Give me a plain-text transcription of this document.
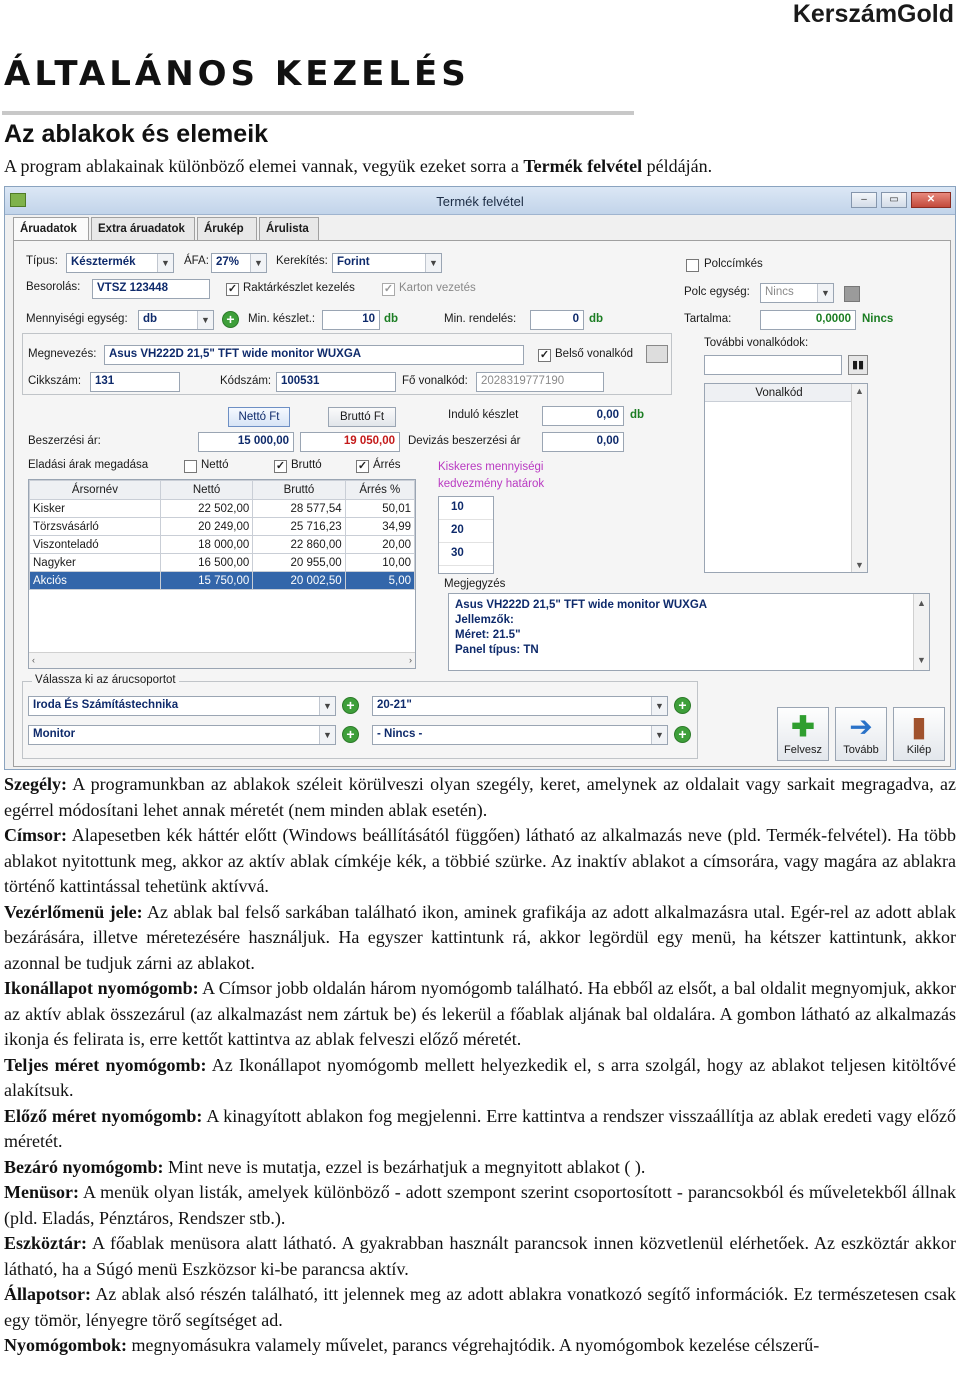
KerszámGold
ÁLTALÁNOS KEZELÉS
Az ablakok és elemeik
A program ablakainak különböző elemei vannak, vegyük ezeket sorra a Termék felvétel példáján.
Termék felvétel	–	▭	✕
Áruadatok	Extra áruadatok	Árukép	Árulista
Típus:	Késztermék	▼ ÁFA: 27%	▼ Kerekítés: Forint	▼	Polccímkés
Besorolás:	VTSZ 123448	✓ Raktárkészlet kezelés	✓ Karton vezetés	Polc egység:	Nincs	▼
Mennyiségi egység:	db	▼	+	Min. készlet.:	10 db	Min. rendelés:	0 db	Tartalma:	0,0000 Nincs
Megnevezés:	Asus VH222D 21,5" TFT wide monitor WUXGA	✓ Belső vonalkód
Cikkszám:	131	Kódszám: 100531	Fő vonalkód:	2028319777190
További vonalkódok:
▮▮
Vonalkód	▲
▼
Nettó Ft	Bruttó Ft	Induló készlet	0,00 db
Beszerzési ár:	15 000,00	19 050,00	Devizás beszerzési ár	0,00
Eladási árak megadása	Nettó	✓ Bruttó	✓ Árrés	Kiskeres mennyiségi
kedvezmény határok
Ársornév	Nettó	Bruttó	Árrés %
Kisker	22 502,00	28 577,54	50,01
Törzsvásárló	20 249,00	25 716,23	34,99
Viszonteladó	18 000,00	22 860,00	20,00
Nagyker	16 500,00	20 955,00	10,00
Akciós	15 750,00	20 002,50	5,00
‹	›
10
20
30
Megjegyzés
Asus VH222D 21,5" TFT wide monitor WUXGA
Jellemzők:
Méret: 21.5"
Panel típus: TN
▲
▼
Válassza ki az árucsoportot
Iroda És Számítástechnika	▼	+	20-21"	▼	+
Monitor	▼	+	- Nincs -	▼	+	✚
Felvesz
➔
Tovább
▮
Kilép

Szegély: A programunkban az ablakok széleit körülveszi olyan szegély, keret, amelynek az oldalait vagy sarkait megragadva, az egérrel módosítani lehet annak méretét (nem minden ablak esetén).

Címsor: Alapesetben kék háttér előtt (Windows beállításától függően) látható az alkalmazás neve (pld. Termék-felvétel). Ha több ablakot nyitottunk meg, akkor az aktív ablak címkéje kék, a többié szürke. Az inaktív ablakot a címsorára, vagy magára az ablakra történő kattintással tehetünk aktívvá.

Vezérlőmenü jele: Az ablak bal felső sarkában található ikon, aminek grafikája az adott alkalmazásra utal. Egér-rel az adott ablak bezárására, illetve méretezésére használjuk. Ha egyszer kattintunk rá, akkor legördül egy menü, ha kétszer kattintunk, akkor azonnal be tudjuk zárni az ablakot.

Ikonállapot nyomógomb: A Címsor jobb oldalán három nyomógomb található. Ha ebből az elsőt, a bal oldalit megnyomjuk, akkor az aktív ablak összezárul (az alkalmazást nem zártuk be) és lekerül a főablak aljának bal oldalára. A gombon látható az alkalmazás ikonja és felirata is, erre kettőt kattintva az ablak felveszi előző méretét.

Teljes méret nyomógomb: Az Ikonállapot nyomógomb mellett helyezkedik el, s arra szolgál, hogy az ablakot teljesen kitöltővé alakítsuk.

Előző méret nyomógomb: A kinagyított ablakon fog megjelenni. Erre kattintva a rendszer visszaállítja az ablak eredeti vagy előző méretét.

Bezáró nyomógomb: Mint neve is mutatja, ezzel is bezárhatjuk a megnyitott ablakot ( ).

Menüsor: A menük olyan listák, amelyek különböző - adott szempont szerint csoportosított - parancsokból és műveletekből állnak (pld. Eladás, Pénztáros, Rendszer stb.).

Eszköztár: A főablak menüsora alatt látható. A gyakrabban használt parancsok innen közvetlenül elérhetőek. Az eszköztár akkor látható, ha a Súgó menü Eszközsor ki-be parancsa aktív.

Állapotsor: Az ablak alsó részén található, itt jelennek meg az adott ablakra vonatkozó segítő információk. Ez természetesen csak egy tömör, lényegre törő segítséget ad.

Nyomógombok: megnyomásukra valamely művelet, parancs végrehajtódik. A nyomógombok kezelése célszerű-
